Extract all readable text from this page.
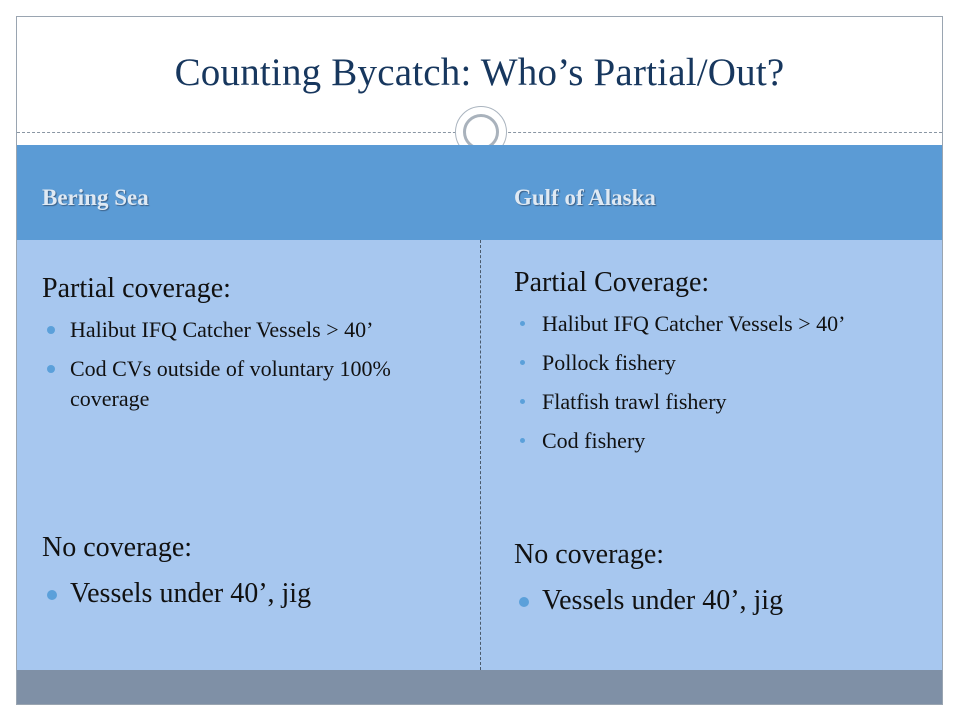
Counting Bycatch: Who’s Partial/Out?
Bering Sea	Gulf of Alaska
Partial coverage:
Halibut IFQ Catcher Vessels > 40’
Cod CVs outside of voluntary 100% coverage
No coverage:
Vessels under 40’, jig
Partial Coverage:
Halibut IFQ Catcher Vessels > 40’
Pollock fishery
Flatfish trawl fishery
Cod fishery
No coverage:
Vessels under 40’, jig
